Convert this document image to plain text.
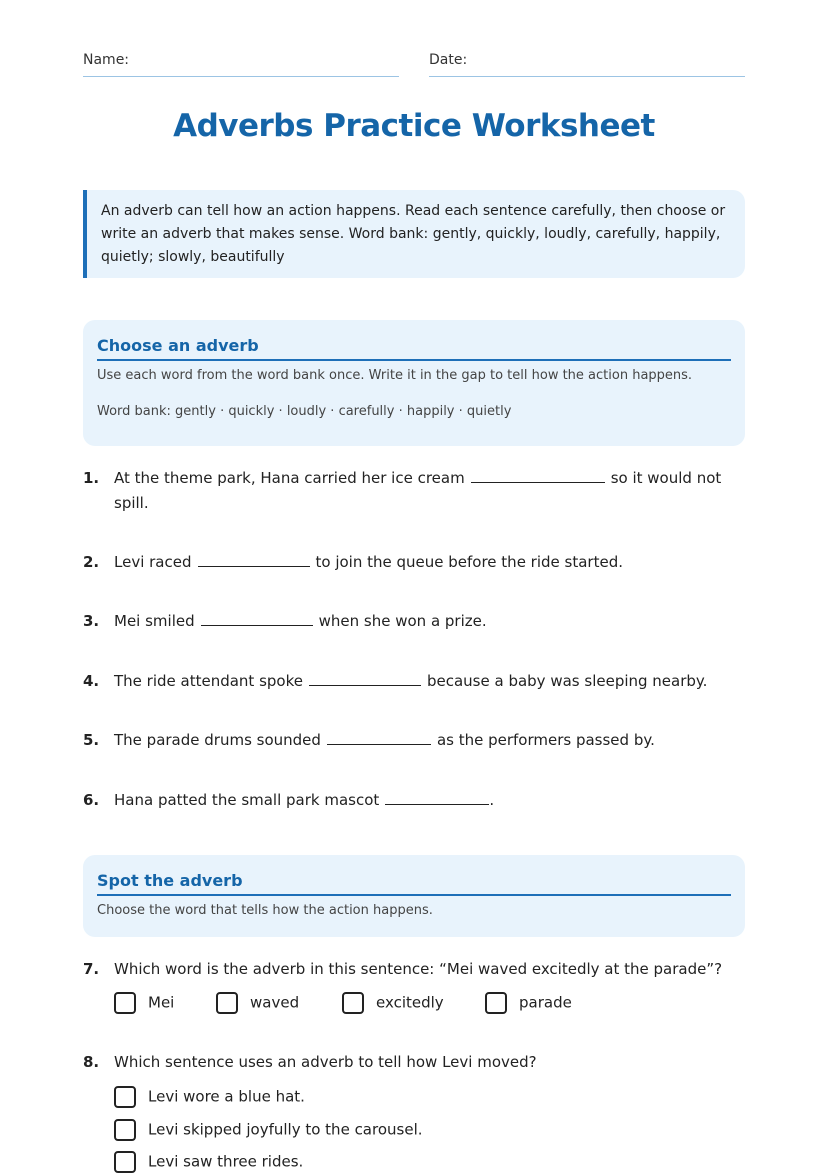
Name:	Date:
Adverbs Practice Worksheet
An adverb can tell how an action happens. Read each sentence carefully, then choose or write an adverb that makes sense. Word bank: gently, quickly, loudly, carefully, happily, quietly; slowly, beautifully
Choose an adverb
Use each word from the word bank once. Write it in the gap to tell how the action happens.
Word bank: gently · quickly · loudly · carefully · happily · quietly
1. At the theme park, Hana carried her ice cream	so it would not spill.
2. Levi raced	to join the queue before the ride started.
3. Mei smiled	when she won a prize.
4. The ride attendant spoke	because a baby was sleeping nearby.
5. The parade drums sounded	as the performers passed by.
6. Hana patted the small park mascot	.
Spot the adverb
Choose the word that tells how the action happens.
7. Which word is the adverb in this sentence: “Mei waved excitedly at the parade”?
Mei	waved	excitedly	parade
8. Which sentence uses an adverb to tell how Levi moved?
Levi wore a blue hat.
Levi skipped joyfully to the carousel.
Levi saw three rides.
